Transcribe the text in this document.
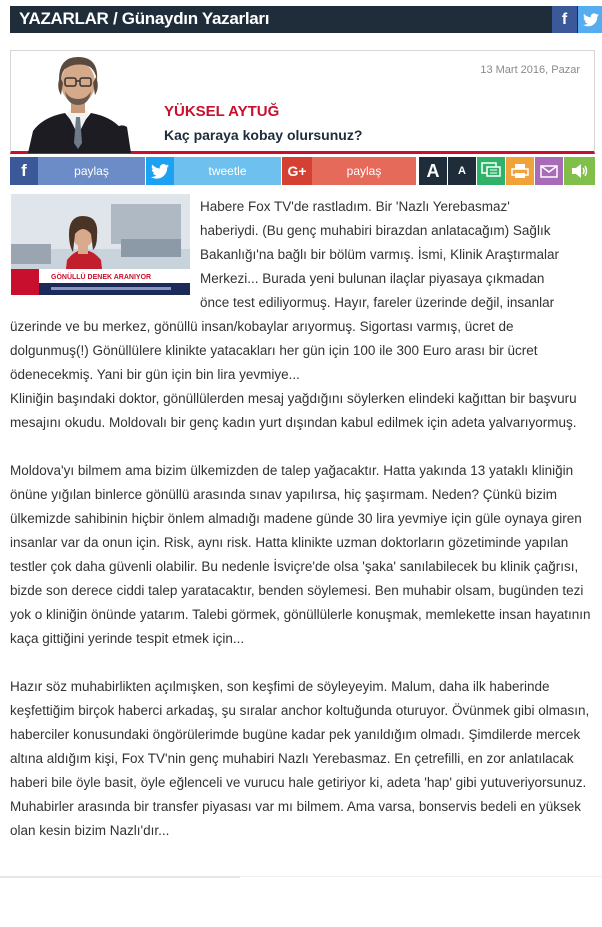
YAZARLAR / Günaydın Yazarları	f
13 Mart 2016, Pazar
YÜKSEL AYTUĞ
Kaç paraya kobay olursunuz?
f	paylaş	tweetle	G+	paylaş	A	A
GÖNÜLLÜ DENEK ARANIYOR

Habere Fox TV'de rastladım. Bir 'Nazlı Yerebasmaz'

haberiydi. (Bu genç muhabiri birazdan anlatacağım) Sağlık

Bakanlığı'na bağlı bir bölüm varmış. İsmi, Klinik Araştırmalar

Merkezi... Burada yeni bulunan ilaçlar piyasaya çıkmadan

önce test ediliyormuş. Hayır, fareler üzerinde değil, insanlar

üzerinde ve bu merkez, gönüllü insan/kobaylar arıyormuş. Sigortası varmış, ücret de dolgunmuş(!) Gönüllülere klinikte yatacakları her gün için 100 ile 300 Euro arası bir ücret ödenecekmiş. Yani bir gün için bin lira yevmiye...

Kliniğin başındaki doktor, gönüllülerden mesaj yağdığını söylerken elindeki kağıttan bir başvuru mesajını okudu. Moldovalı bir genç kadın yurt dışından kabul edilmek için adeta yalvarıyormuş.

Moldova'yı bilmem ama bizim ülkemizden de talep yağacaktır. Hatta yakında 13 yataklı kliniğin önüne yığılan binlerce gönüllü arasında sınav yapılırsa, hiç şaşırmam. Neden? Çünkü bizim ülkemizde sahibinin hiçbir önlem almadığı madene günde 30 lira yevmiye için güle oynaya giren insanlar var da onun için. Risk, aynı risk. Hatta klinikte uzman doktorların gözetiminde yapılan testler çok daha güvenli olabilir. Bu nedenle İsviçre'de olsa 'şaka' sanılabilecek bu klinik çağrısı, bizde son derece ciddi talep yaratacaktır, benden söylemesi. Ben muhabir olsam, bugünden tezi yok o kliniğin önünde yatarım. Talebi görmek, gönüllülerle konuşmak, memlekette insan hayatının kaça gittiğini yerinde tespit etmek için...

Hazır söz muhabirlikten açılmışken, son keşfimi de söyleyeyim. Malum, daha ilk haberinde keşfettiğim birçok haberci arkadaş, şu sıralar anchor koltuğunda oturuyor. Övünmek gibi olmasın, haberciler konusundaki öngörülerimde bugüne kadar pek yanıldığım olmadı. Şimdilerde mercek altına aldığım kişi, Fox TV'nin genç muhabiri Nazlı Yerebasmaz. En çetrefilli, en zor anlatılacak haberi bile öyle basit, öyle eğlenceli ve vurucu hale getiriyor ki, adeta 'hap' gibi yutuveriyorsunuz. Muhabirler arasında bir transfer piyasası var mı bilmem. Ama varsa, bonservis bedeli en yüksek olan kesin bizim Nazlı'dır...
